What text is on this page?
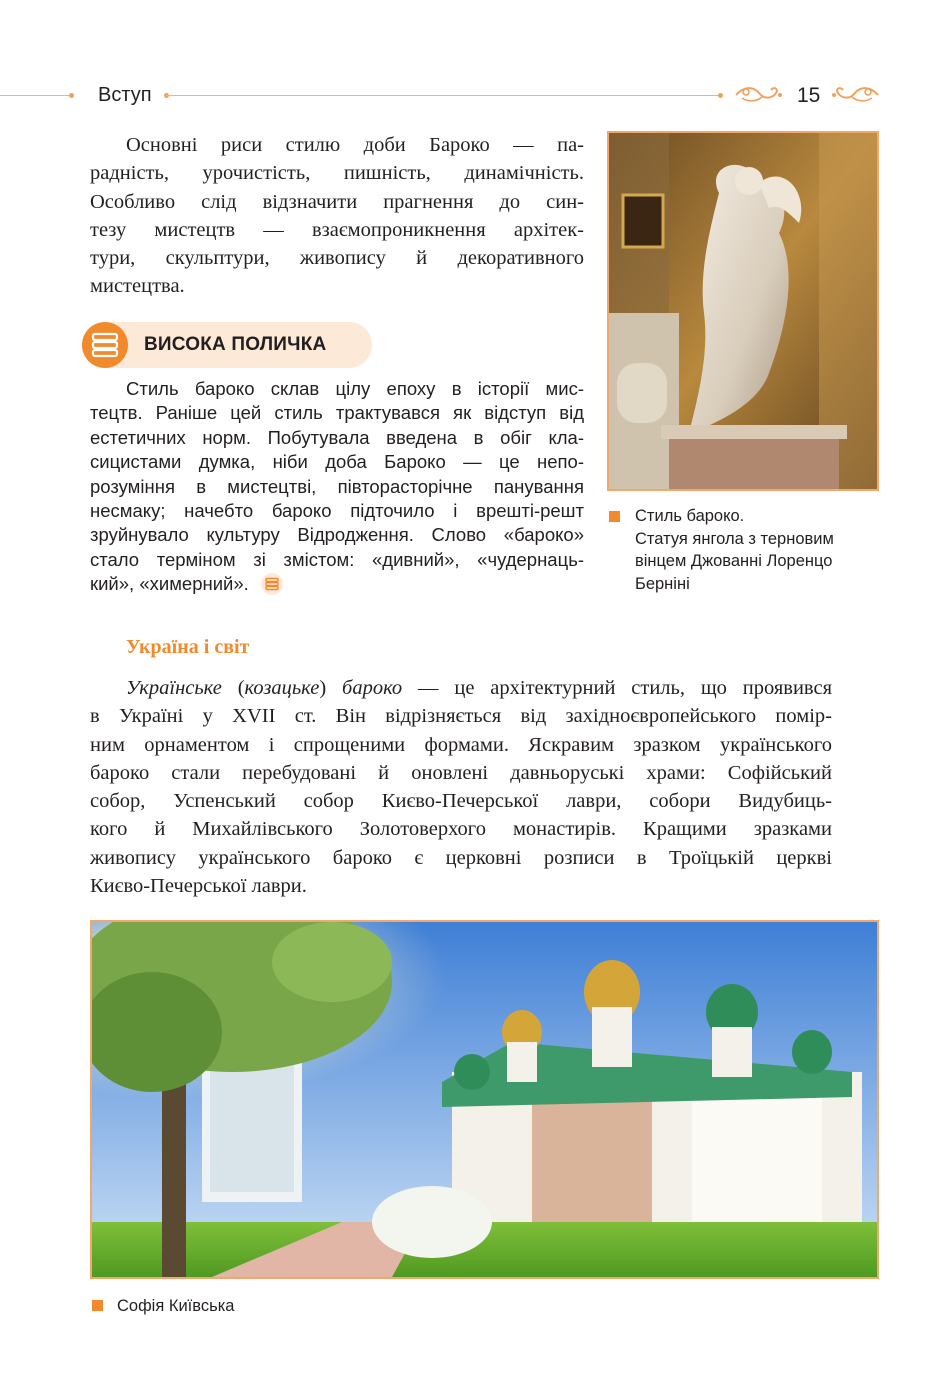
Вступ	15

Основні риси стилю доби Бароко — па-
радність, урочистість, пишність, динамічність.
Особливо слід відзначити прагнення до син-
тезу мистецтв — взаємопроникнення архітек-
тури, скульптури, живопису й декоративного
мистецтва.

ВИСОКА ПОЛИЧКА

Стиль бароко склав цілу епоху в історії мис-
тецтв. Раніше цей стиль трактувався як відступ від
естетичних норм. Побутувала введена в обіг кла-
сицистами думка, ніби доба Бароко — це непо-
розуміння в мистецтві, півторасторічне панування
несмаку; начебто бароко підточило і врешті-решт
зруйнувало культуру Відродження. Слово «бароко»
стало терміном зі змістом: «дивний», «чудернаць-
кий», «химерний».

Стиль бароко.
Статуя янгола з терновим
вінцем Джованні Лоренцо
Берніні
Україна і світ

Українське (козацьке) бароко — це архітектурний стиль, що проявився
в Україні у XVII ст. Він відрізняється від західноєвропейського помір-
ним орнаментом і спрощеними формами. Яскравим зразком українського
бароко стали перебудовані й оновлені давньоруські храми: Софійський
собор, Успенський собор Києво-Печерської лаври, собори Видубиць-
кого й Михайлівського Золотоверхого монастирів. Кращими зразками
живопису українського бароко є церковні розписи в Троїцькій церкві
Києво-Печерської лаври.

Софія Київська
